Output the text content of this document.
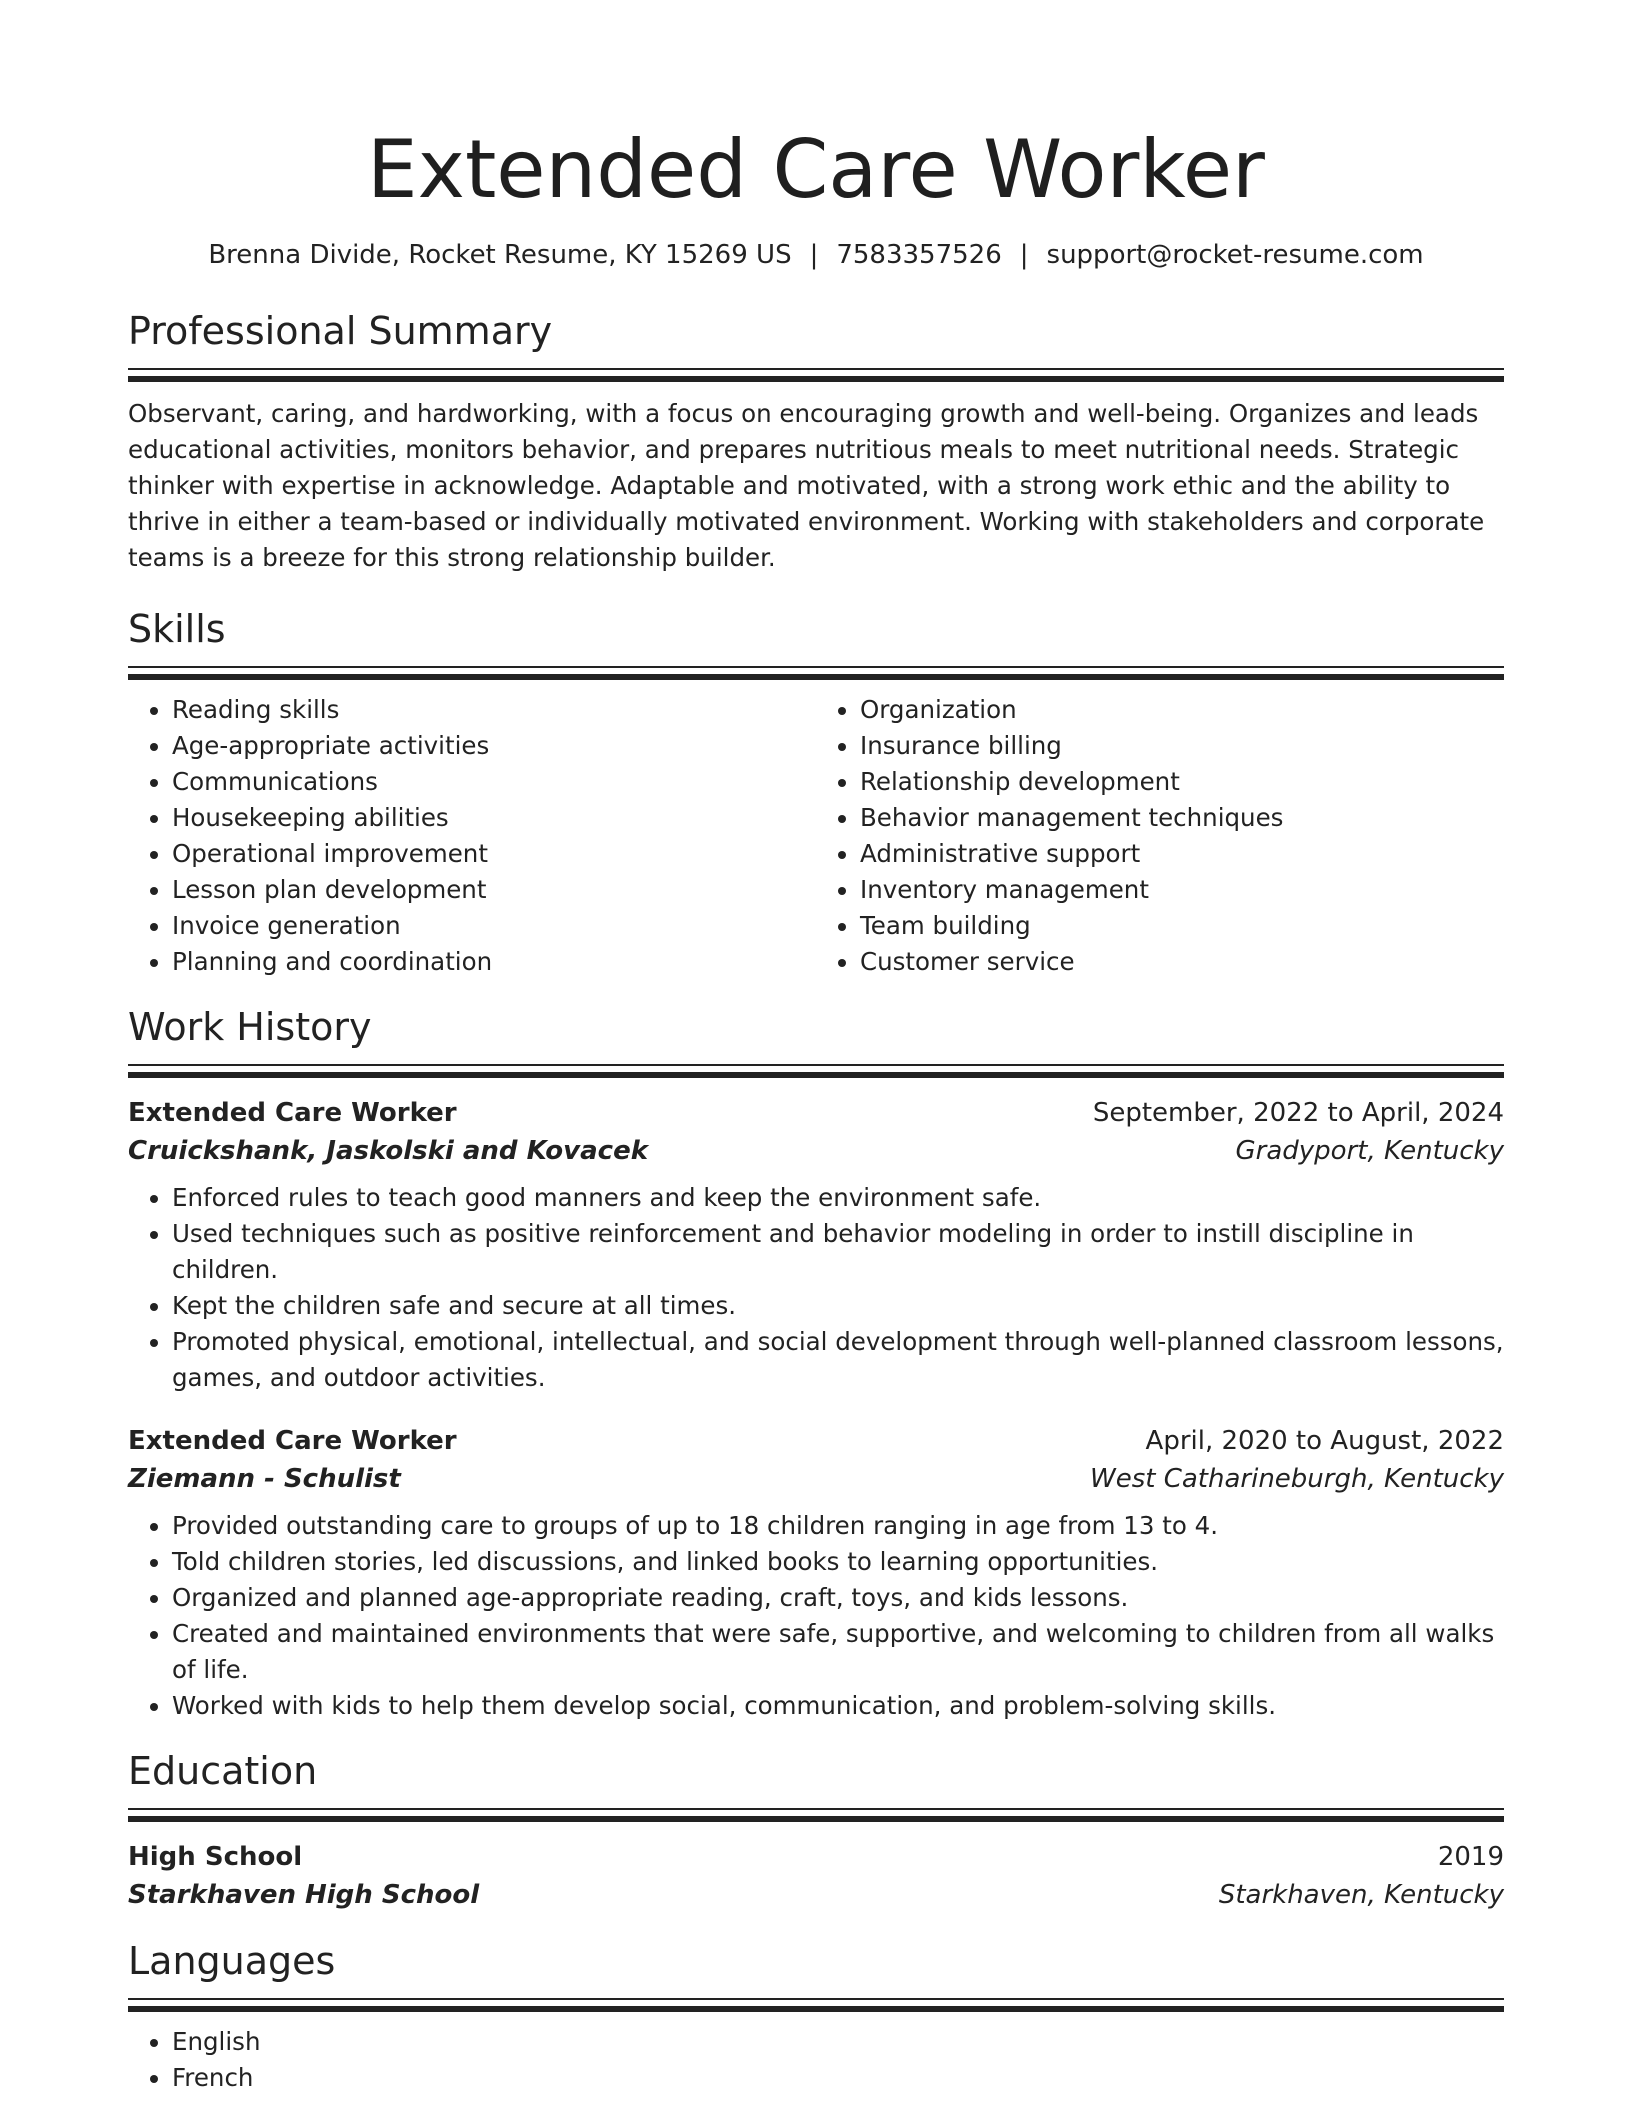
Extended Care Worker
Brenna Divide, Rocket Resume, KY 15269 US | 7583357526 | support@rocket-resume.com
Professional Summary
Observant, caring, and hardworking, with a focus on encouraging growth and well-being. Organizes and leads educational activities, monitors behavior, and prepares nutritious meals to meet nutritional needs. Strategic thinker with expertise in acknowledge. Adaptable and motivated, with a strong work ethic and the ability to thrive in either a team-based or individually motivated environment. Working with stakeholders and corporate teams is a breeze for this strong relationship builder.
Skills
• Reading skills
• Age-appropriate activities
• Communications
• Housekeeping abilities
• Operational improvement
• Lesson plan development
• Invoice generation
• Planning and coordination
• Organization
• Insurance billing
• Relationship development
• Behavior management techniques
• Administrative support
• Inventory management
• Team building
• Customer service
Work History
Extended Care Worker	September, 2022 to April, 2024
Cruickshank, Jaskolski and Kovacek	Gradyport, Kentucky
• Enforced rules to teach good manners and keep the environment safe.
• Used techniques such as positive reinforcement and behavior modeling in order to instill discipline in children.
• Kept the children safe and secure at all times.
• Promoted physical, emotional, intellectual, and social development through well-planned classroom lessons, games, and outdoor activities.
Extended Care Worker	April, 2020 to August, 2022
Ziemann - Schulist	West Catharineburgh, Kentucky
• Provided outstanding care to groups of up to 18 children ranging in age from 13 to 4.
• Told children stories, led discussions, and linked books to learning opportunities.
• Organized and planned age-appropriate reading, craft, toys, and kids lessons.
• Created and maintained environments that were safe, supportive, and welcoming to children from all walks of life.
• Worked with kids to help them develop social, communication, and problem-solving skills.
Education
High School	2019
Starkhaven High School	Starkhaven, Kentucky
Languages
• English
• French
